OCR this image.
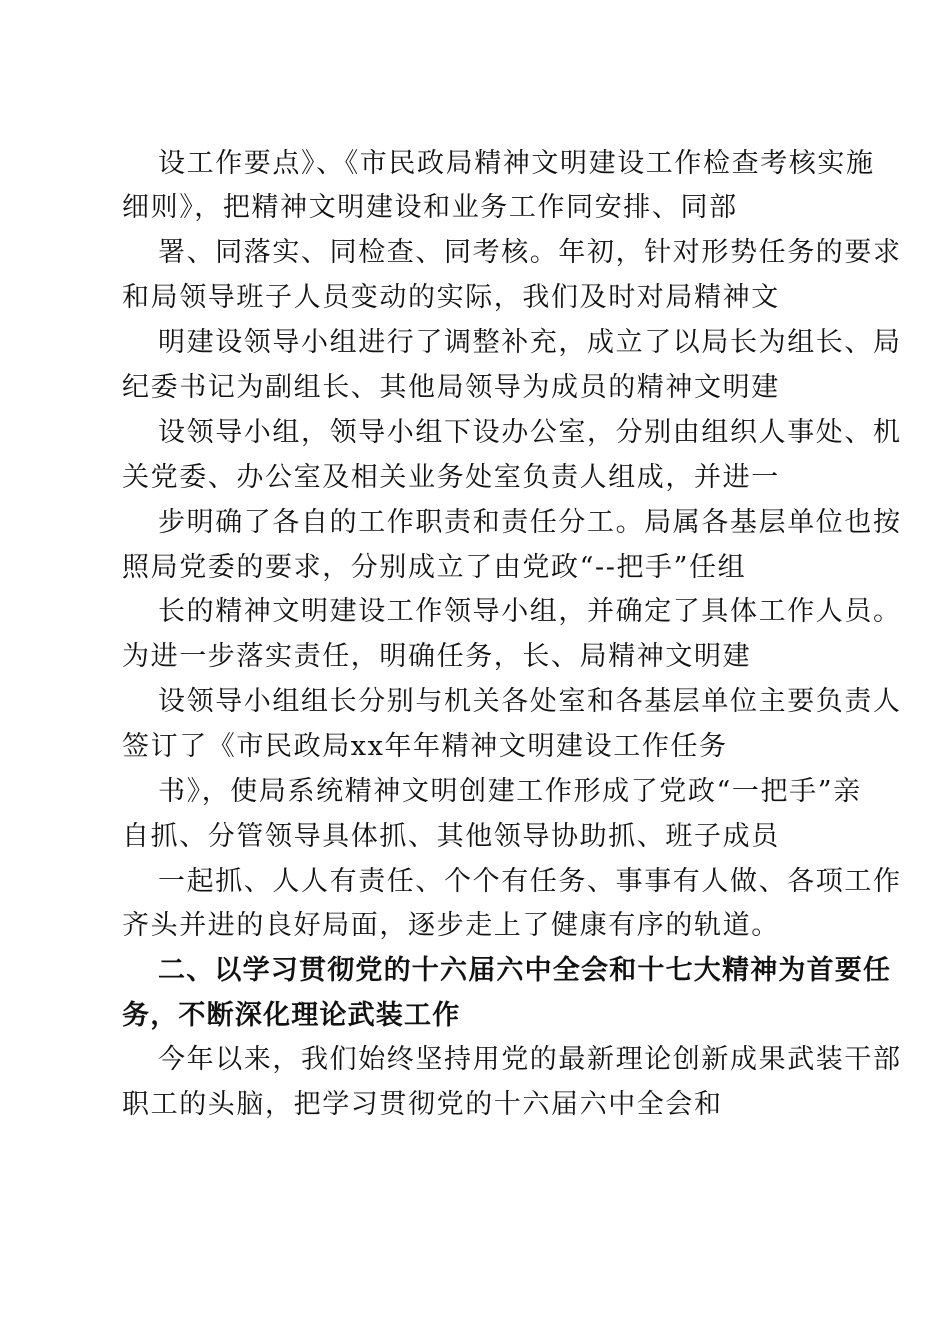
设工作要点》、《市民政局精神文明建设工作检查考核实施
细则》，把精神文明建设和业务工作同安排、同部
署、同落实、同检查、同考核。年初，针对形势任务的要求
和局领导班子人员变动的实际，我们及时对局精神文
明建设领导小组进行了调整补充，成立了以局长为组长、局
纪委书记为副组长、其他局领导为成员的精神文明建
设领导小组，领导小组下设办公室，分别由组织人事处、机
关党委、办公室及相关业务处室负责人组成，并进一
步明确了各自的工作职责和责任分工。局属各基层单位也按
照局党委的要求，分别成立了由党政“--把手”任组
长的精神文明建设工作领导小组，并确定了具体工作人员。
为进一步落实责任，明确任务，长、局精神文明建
设领导小组组长分别与机关各处室和各基层单位主要负责人
签订了《市民政局xx年年精神文明建设工作任务
书》，使局系统精神文明创建工作形成了党政“一把手”亲
自抓、分管领导具体抓、其他领导协助抓、班子成员
一起抓、人人有责任、个个有任务、事事有人做、各项工作
齐头并进的良好局面，逐步走上了健康有序的轨道。
二、以学习贯彻党的十六届六中全会和十七大精神为首要任
务，不断深化理论武装工作
今年以来，我们始终坚持用党的最新理论创新成果武装干部
职工的头脑，把学习贯彻党的十六届六中全会和
